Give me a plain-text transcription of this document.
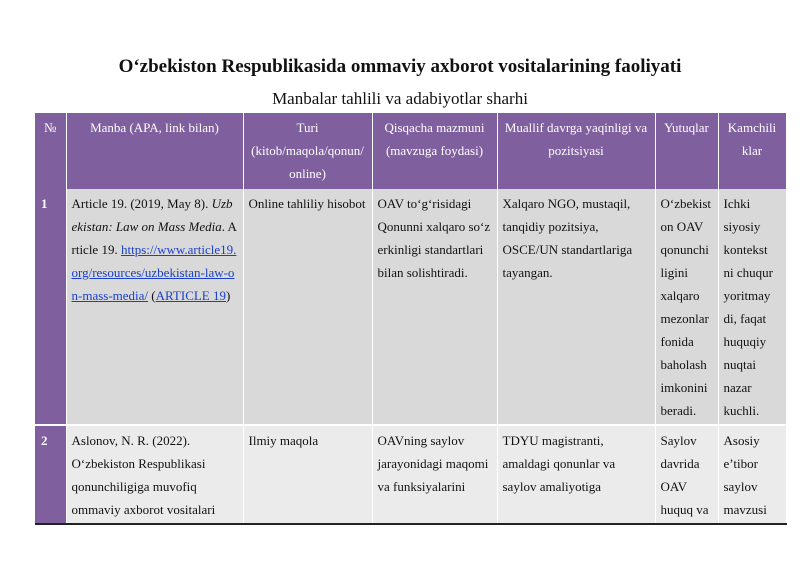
O‘zbekiston Respublikasida ommaviy axborot vositalarining faoliyati
Manbalar tahlili va adabiyotlar sharhi
№	Manba (APA, link bilan)	Turi (kitob/maqola/qonun/ online)	Qisqacha mazmuni (mavzuga foydasi)	Muallif davrga yaqinligi va pozitsiyasi	Yutuqlar	Kamchili klar
1	Article 19. (2019, May 8). Uzbekistan: Law on Mass Media. Article 19. https://www.article19.org/resources/uzbekistan-law-on-mass-media/ (ARTICLE 19)	Online tahliliy hisobot	OAV to‘g‘risidagi Qonunni xalqaro so‘z erkinligi standartlari bilan solishtiradi.	Xalqaro NGO, mustaqil, tanqidiy pozitsiya, OSCE/UN standartlariga tayangan.	O‘zbekist on OAV qonunchi ligini xalqaro mezonlar fonida baholash imkonini beradi.	Ichki siyosiy kontekst ni chuqur yoritmay di, faqat huquqiy nuqtai nazar kuchli.
2	Aslonov, N. R. (2022). O‘zbekiston Respublikasi qonunchiligiga muvofiq ommaviy axborot vositalari	Ilmiy maqola	OAVning saylov jarayonidagi maqomi va funksiyalarini	TDYU magistranti, amaldagi qonunlar va saylov amaliyotiga	Saylov davrida OAV huquq va	Asosiy e’tibor saylov mavzusi
